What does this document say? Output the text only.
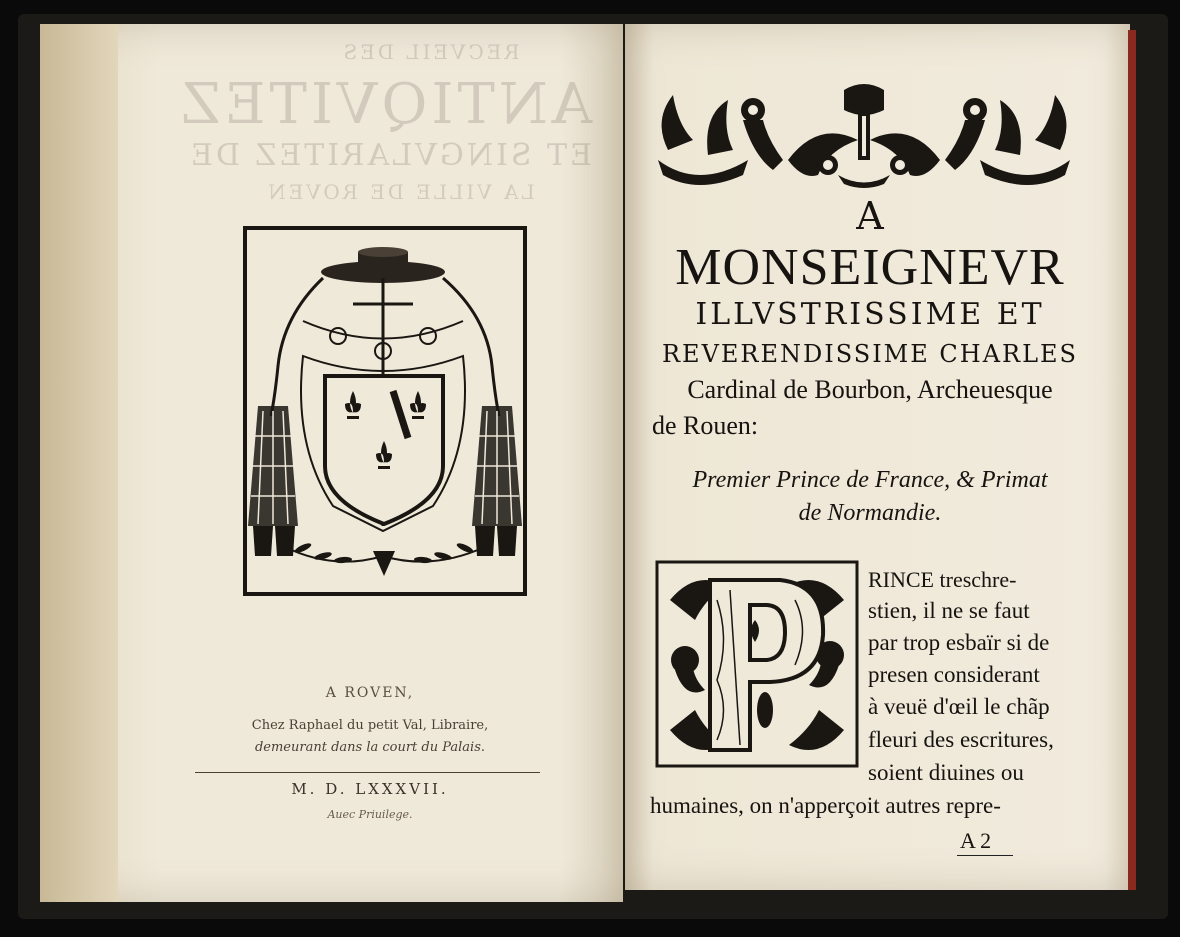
RECVEIL DES
ANTIQVITEZ
ET SINGVLARITEZ DE
LA VILLE DE ROVEN
A ROVEN,
Chez Raphael du petit Val, Libraire,
demeurant dans la court du Palais.
M. D. LXXXVII.
Auec Priuilege.
A
MONSEIGNEVR
ILLVSTRISSIME ET
REVERENDISSIME CHARLES
Cardinal de Bourbon, Archeuesque
de Rouen:
Premier Prince de France, & Primat
de Normandie.
RINCE treschre-
stien, il ne se faut
par trop esbaïr si de
presen considerant
à veuë d'œil le chãp
fleuri des escritures,
soient diuines ou
humaines, on n'apperçoit autres repre-
A 2
